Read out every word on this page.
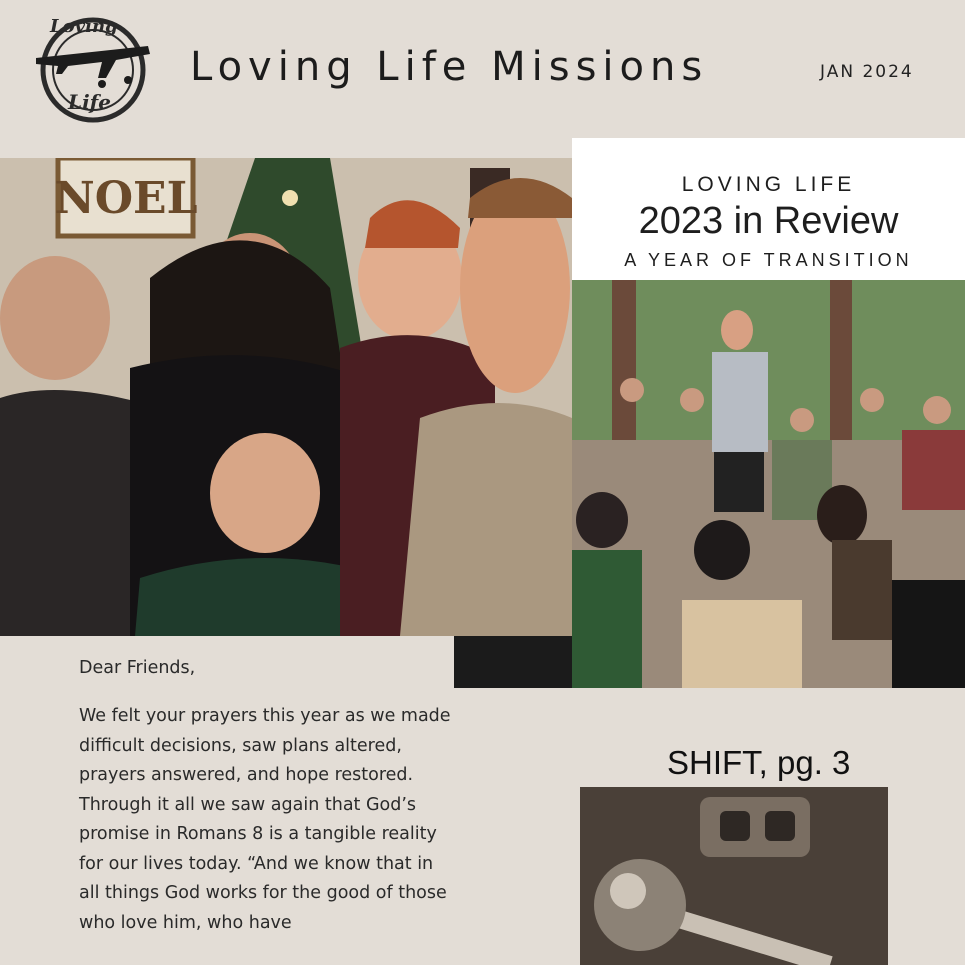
Loving
Life
Loving Life Missions	JAN 2024
NOEL	LOVING LIFE
2023 in Review
A YEAR OF TRANSITION
Dear Friends,
We felt your prayers this year as we made difficult decisions, saw plans altered, prayers answered, and hope restored. Through it all we saw again that God’s promise in Romans 8 is a tangible reality for our lives today. “And we know that in all things God works for the good of those who love him, who have
SHIFT, pg. 3
